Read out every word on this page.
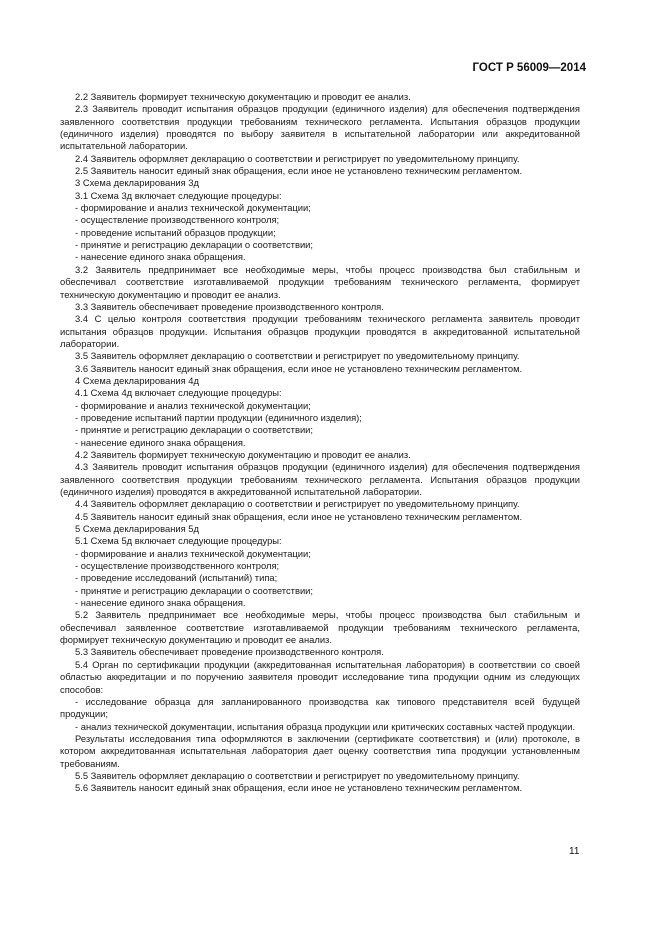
ГОСТ Р 56009—2014

2.2 Заявитель формирует техническую документацию и проводит ее анализ.

2.3 Заявитель проводит испытания образцов продукции (единичного изделия) для обеспечения подтверждения заявленного соответствия продукции требованиям технического регламента. Испытания образцов продукции (единичного изделия) проводятся по выбору заявителя в испытательной лаборатории или аккредитованной испытательной лаборатории.

2.4 Заявитель оформляет декларацию о соответствии и регистрирует по уведомительному принципу.

2.5 Заявитель наносит единый знак обращения, если иное не установлено техническим регламентом.

3 Схема декларирования 3д

3.1 Схема 3д включает следующие процедуры:

- формирование и анализ технической документации;

- осуществление производственного контроля;

- проведение испытаний образцов продукции;

- принятие и регистрацию декларации о соответствии;

- нанесение единого знака обращения.

3.2 Заявитель предпринимает все необходимые меры, чтобы процесс производства был стабильным и обеспечивал соответствие изготавливаемой продукции требованиям технического регламента, формирует техническую документацию и проводит ее анализ.

3.3 Заявитель обеспечивает проведение производственного контроля.

3.4 С целью контроля соответствия продукции требованиям технического регламента заявитель проводит испытания образцов продукции. Испытания образцов продукции проводятся в аккредитованной испытательной лаборатории.

3.5 Заявитель оформляет декларацию о соответствии и регистрирует по уведомительному принципу.

3.6 Заявитель наносит единый знак обращения, если иное не установлено техническим регламентом.

4 Схема декларирования 4д

4.1 Схема 4д включает следующие процедуры:

- формирование и анализ технической документации;

- проведение испытаний партии продукции (единичного изделия);

- принятие и регистрацию декларации о соответствии;

- нанесение единого знака обращения.

4.2 Заявитель формирует техническую документацию и проводит ее анализ.

4.3 Заявитель проводит испытания образцов продукции (единичного изделия) для обеспечения подтверждения заявленного соответствия продукции требованиям технического регламента. Испытания образцов продукции (единичного изделия) проводятся в аккредитованной испытательной лаборатории.

4.4 Заявитель оформляет декларацию о соответствии и регистрирует по уведомительному принципу.

4.5 Заявитель наносит единый знак обращения, если иное не установлено техническим регламентом.

5 Схема декларирования 5д

5.1 Схема 5д включает следующие процедуры:

- формирование и анализ технической документации;

- осуществление производственного контроля;

- проведение исследований (испытаний) типа;

- принятие и регистрацию декларации о соответствии;

- нанесение единого знака обращения.

5.2 Заявитель предпринимает все необходимые меры, чтобы процесс производства был стабильным и обеспечивал заявленное соответствие изготавливаемой продукции требованиям технического регламента, формирует техническую документацию и проводит ее анализ.

5.3 Заявитель обеспечивает проведение производственного контроля.

5.4 Орган по сертификации продукции (аккредитованная испытательная лаборатория) в соответствии со своей областью аккредитации и по поручению заявителя проводит исследование типа продукции одним из следующих способов:

- исследование образца для запланированного производства как типового представителя всей будущей продукции;

- анализ технической документации, испытания образца продукции или критических составных частей продукции.

Результаты исследования типа оформляются в заключении (сертификате соответствия) и (или) протоколе, в котором аккредитованная испытательная лаборатория дает оценку соответствия типа продукции установленным требованиям.

5.5 Заявитель оформляет декларацию о соответствии и регистрирует по уведомительному принципу.

5.6 Заявитель наносит единый знак обращения, если иное не установлено техническим регламентом.

11
